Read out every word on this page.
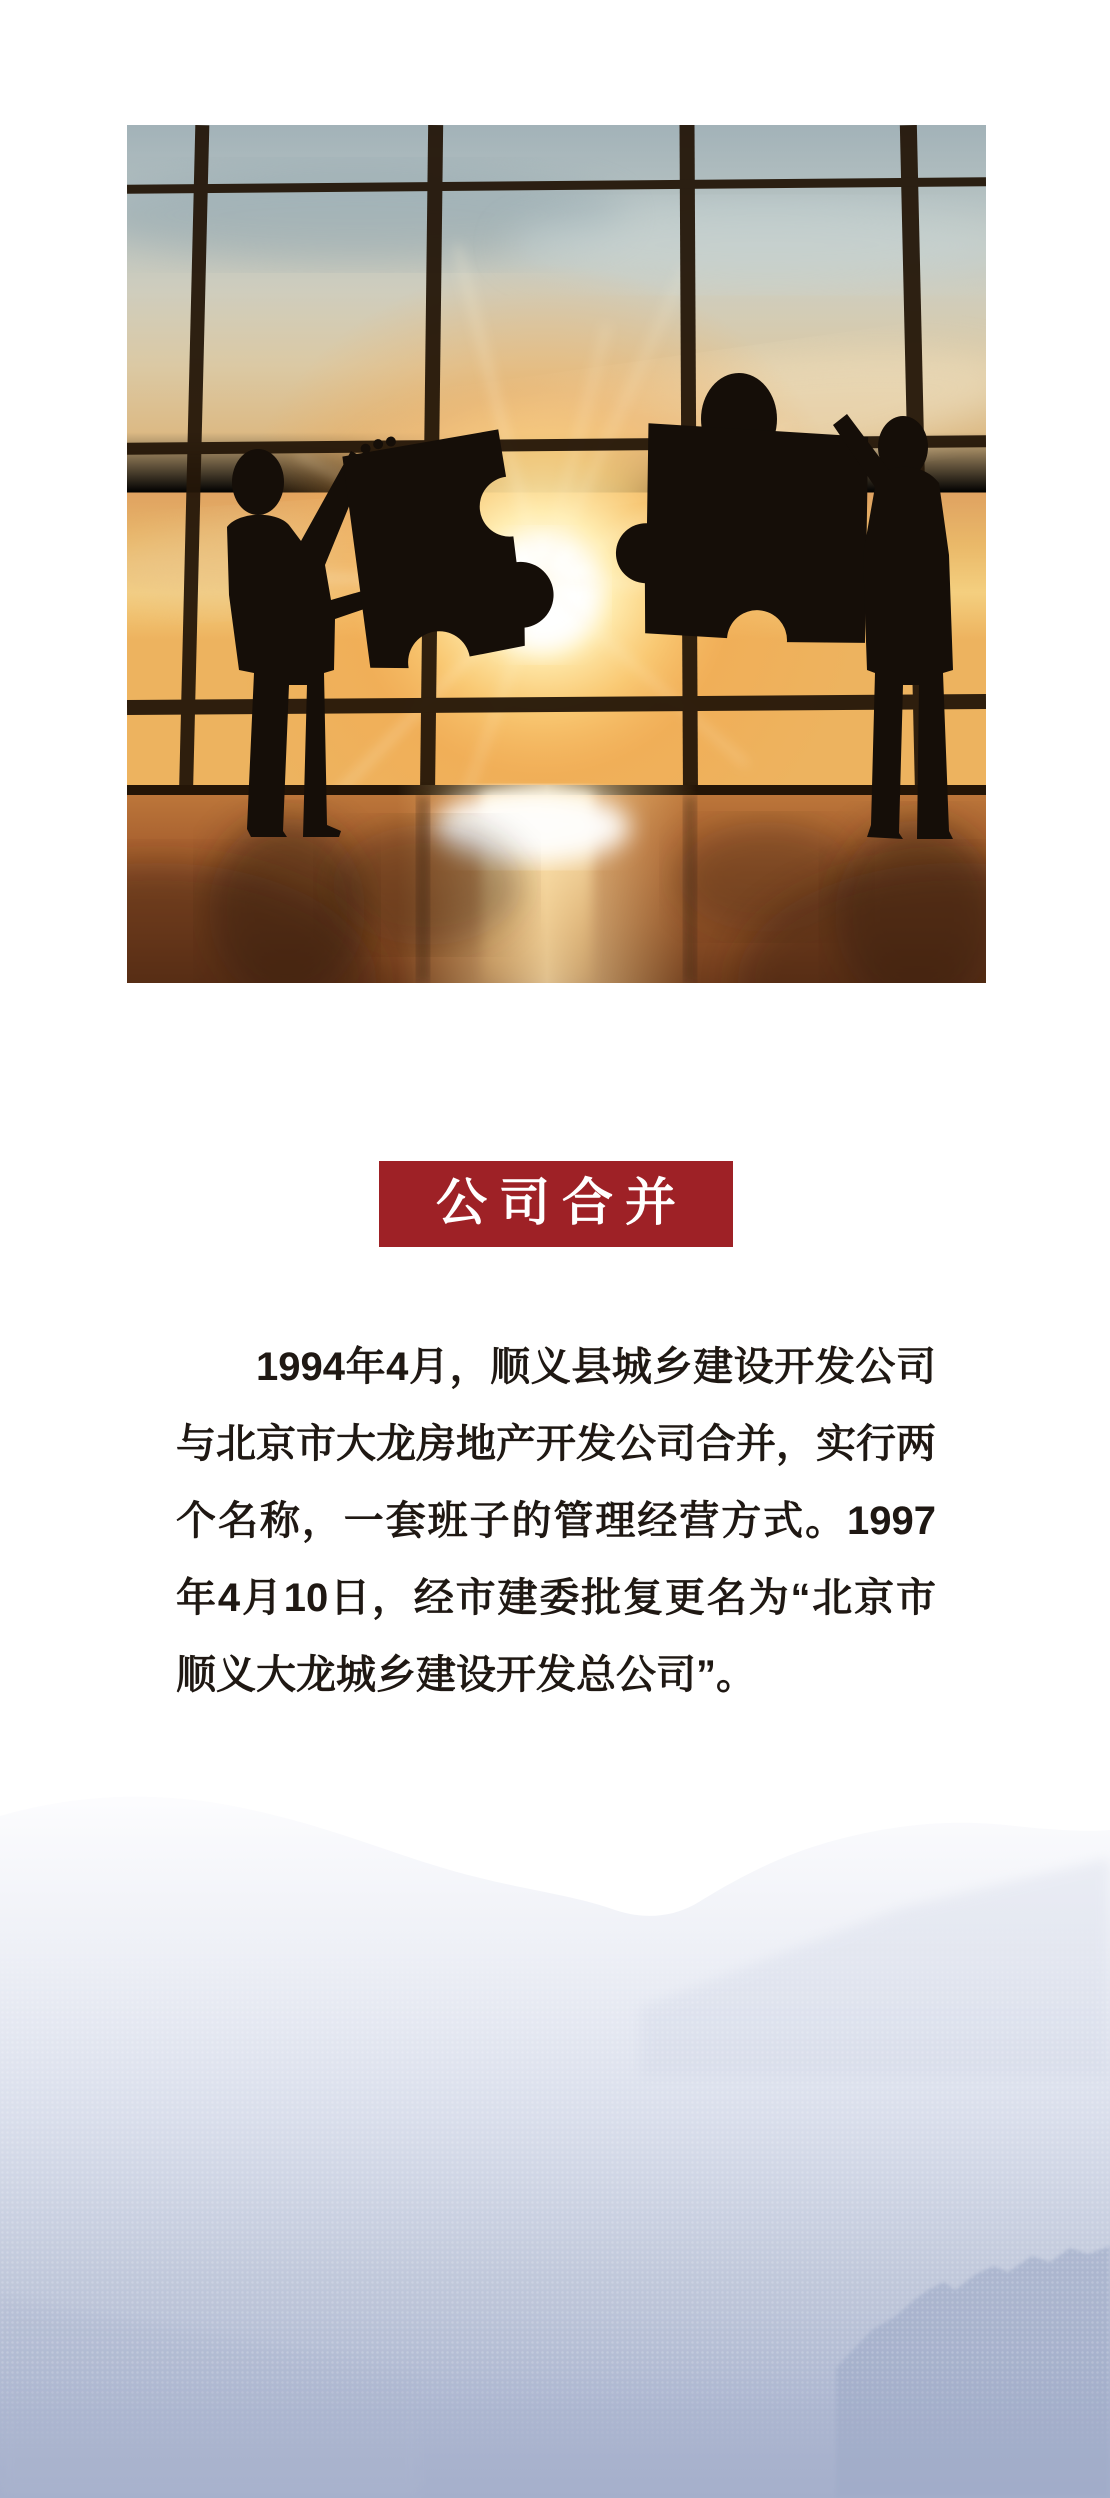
公司合并
1994年4月，顺义县城乡建设开发公司
与北京市大龙房地产开发公司合并，实行两
个名称，一套班子的管理经营方式。1997
年4月10日，经市建委批复更名为“北京市
顺义大龙城乡建设开发总公司”。
